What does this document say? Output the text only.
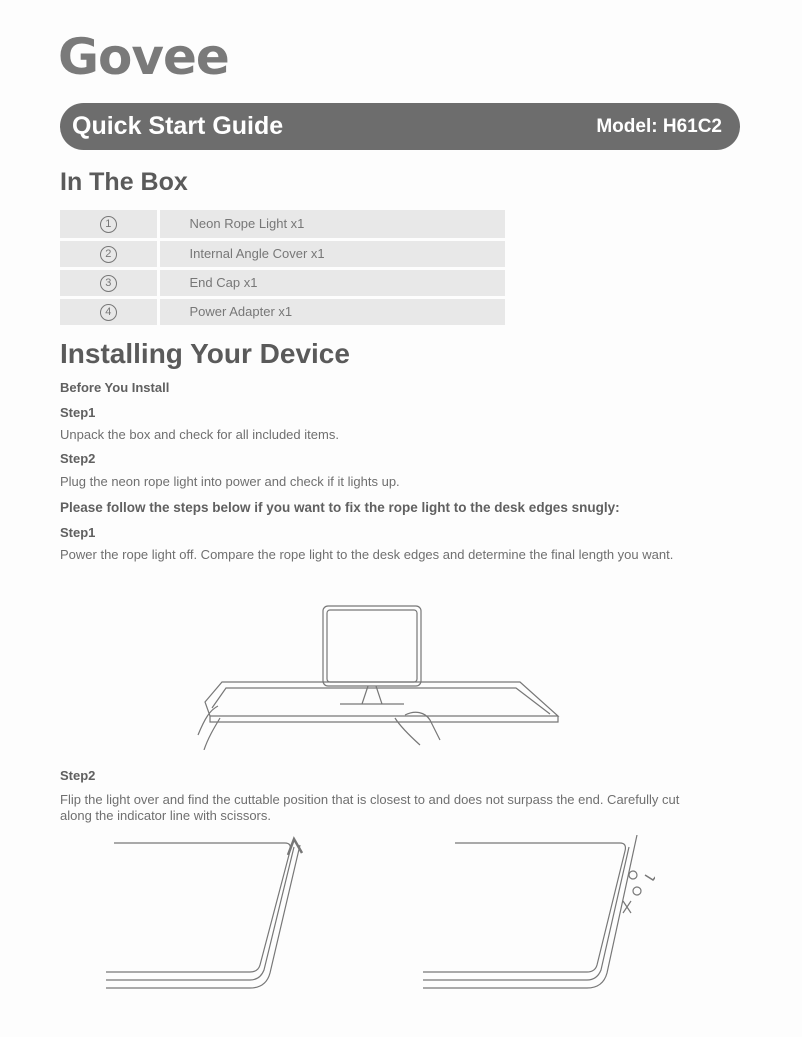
Govee
Quick Start Guide	Model: H61C2
In The Box
1	Neon Rope Light x1
2	Internal Angle Cover x1
3	End Cap x1
4	Power Adapter x1
Installing Your Device
Before You Install
Step1
Unpack the box and check for all included items.
Step2
Plug the neon rope light into power and check if it lights up.
Please follow the steps below if you want to fix the rope light to the desk edges snugly:
Step1
Power the rope light off. Compare the rope light to the desk edges and determine the final length you want.
Step2
Flip the light over and find the cuttable position that is closest to and does not surpass the end. Carefully cut along the indicator line with scissors.
